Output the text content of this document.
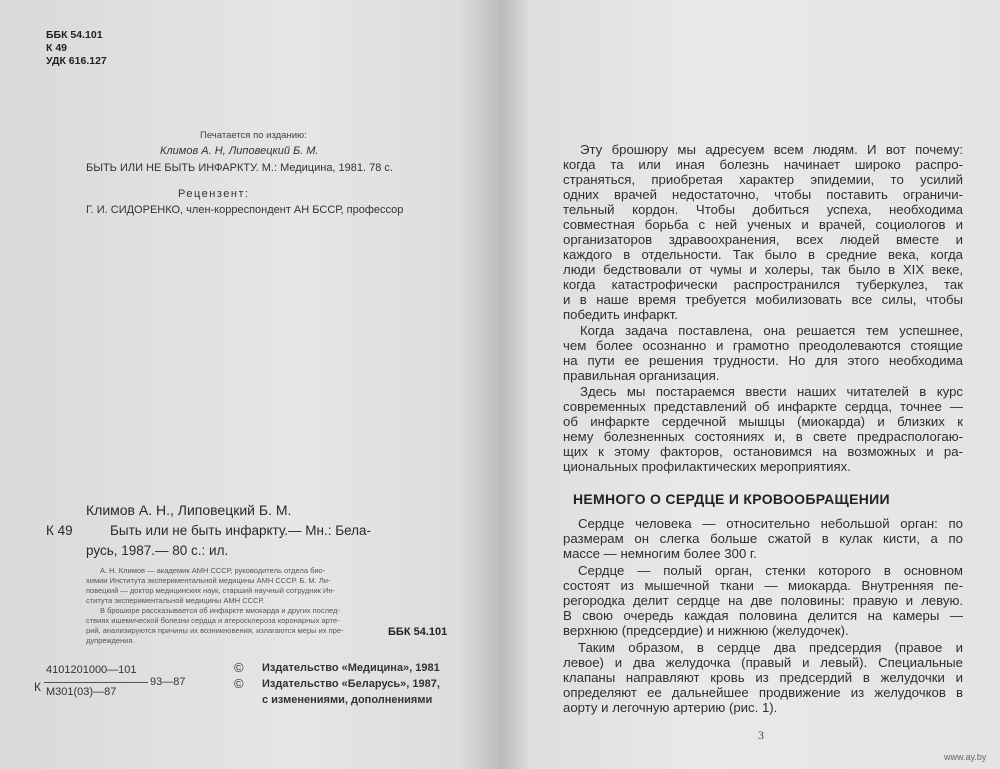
ББК 54.101

К 49

УДК 616.127

Печатается по изданию:

Климов А. Н, Липовецкий Б. М.

БЫТЬ ИЛИ НЕ БЫТЬ ИНФАРКТУ. М.: Медицина, 1981. 78 с.

Рецензент:

Г. И. СИДОРЕНКО, член-корреспондент АН БССР, профессор

Климов А. Н., Липовецкий Б. М.

К 49	Быть или не быть инфаркту.— Мн.: Бела-

русь, 1987.— 80 с.: ил.

А. Н. Климов — академик АМН СССР, руководитель отдела био-

химии Института экспериментальной медицины АМН СССР. Б. М. Ли-

повецкий — доктор медицинских наук, старший научный сотрудник Ин-

ститута экспериментальной медицины АМН СССР.

В брошюре рассказывается об инфаркте миокарда и других послед-

ствиях ишемической болезни сердца и атеросклероза коронарных арте-

рий, анализируются причины их возникновения, излагаются меры их пре-

дупреждения.

ББК 54.101

К

4101201000—101

М301(03)—87

93—87

©

©

Издательство «Медицина», 1981

Издательство «Беларусь», 1987,

с изменениями, дополнениями

Эту брошюру мы адресуем всем людям. И вот почему:

когда та или иная болезнь начинает широко распро-

страняться, приобретая характер эпидемии, то усилий

одних врачей недостаточно, чтобы поставить ограничи-

тельный кордон. Чтобы добиться успеха, необходима

совместная борьба с ней ученых и врачей, социологов и

организаторов здравоохранения, всех людей вместе и

каждого в отдельности. Так было в средние века, когда

люди бедствовали от чумы и холеры, так было в XIX веке,

когда катастрофически распространился туберкулез, так

и в наше время требуется мобилизовать все силы, чтобы

победить инфаркт.

Когда задача поставлена, она решается тем успешнее,

чем более осознанно и грамотно преодолеваются стоящие

на пути ее решения трудности. Но для этого необходима

правильная организация.

Здесь мы постараемся ввести наших читателей в курс

современных представлений об инфаркте сердца, точнее —

об инфаркте сердечной мышцы (миокарда) и близких к

нему болезненных состояниях и, в свете предраспологаю-

щих к этому факторов, остановимся на возможных и ра-

циональных профилактических мероприятиях.

НЕМНОГО О СЕРДЦЕ И КРОВООБРАЩЕНИИ

Сердце человека — относительно небольшой орган: по

размерам он слегка больше сжатой в кулак кисти, а по

массе — немногим более 300 г.

Сердце — полый орган, стенки которого в основном

состоят из мышечной ткани — миокарда. Внутренняя пе-

регородка делит сердце на две половины: правую и левую.

В свою очередь каждая половина делится на камеры —

верхнюю (предсердие) и нижнюю (желудочек).

Таким образом, в сердце два предсердия (правое и

левое) и два желудочка (правый и левый). Специальные

клапаны направляют кровь из предсердий в желудочки и

определяют ее дальнейшее продвижение из желудочков в

аорту и легочную артерию (рис. 1).

3

www.ay.by
